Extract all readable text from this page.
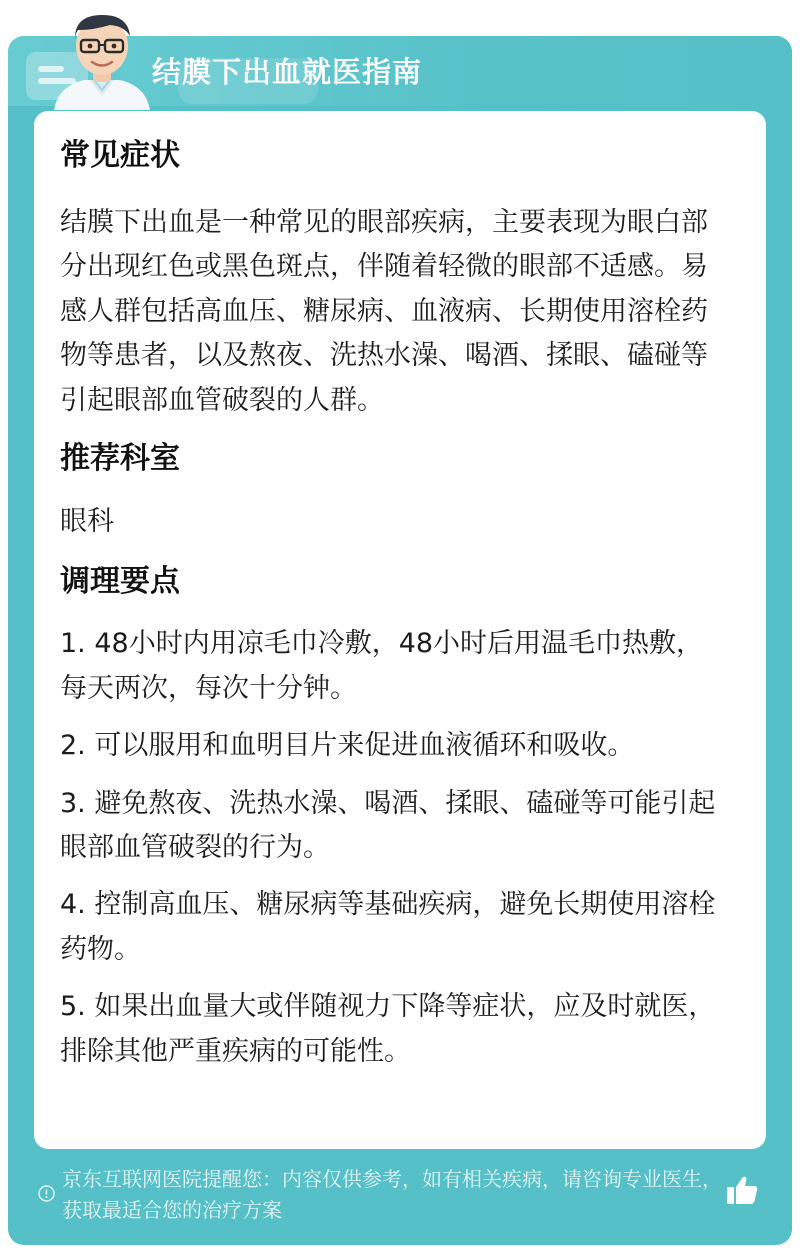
结膜下出血就医指南
常见症状

结膜下出血是一种常见的眼部疾病，主要表现为眼白部分出现红色或黑色斑点，伴随着轻微的眼部不适感。易感人群包括高血压、糖尿病、血液病、长期使用溶栓药物等患者，以及熬夜、洗热水澡、喝酒、揉眼、磕碰等引起眼部血管破裂的人群。

推荐科室

眼科

调理要点

1. 48小时内用凉毛巾冷敷，48小时后用温毛巾热敷，每天两次，每次十分钟。

2. 可以服用和血明目片来促进血液循环和吸收。

3. 避免熬夜、洗热水澡、喝酒、揉眼、磕碰等可能引起眼部血管破裂的行为。

4. 控制高血压、糖尿病等基础疾病，避免长期使用溶栓药物。

5. 如果出血量大或伴随视力下降等症状，应及时就医，排除其他严重疾病的可能性。

京东互联网医院提醒您：内容仅供参考，如有相关疾病，请咨询专业医生，获取最适合您的治疗方案
